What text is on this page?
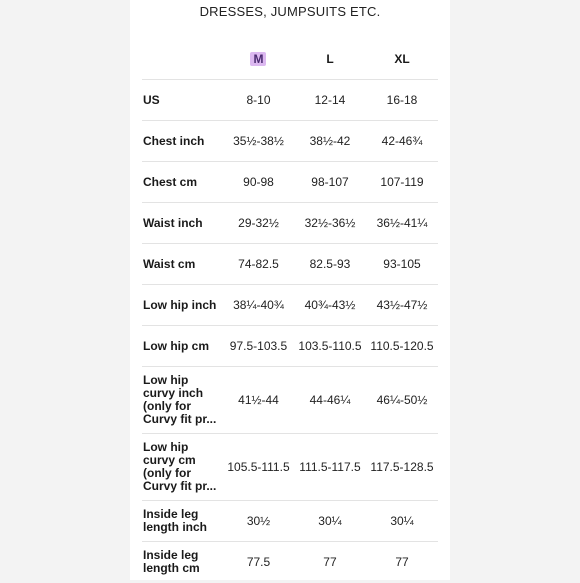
DRESSES, JUMPSUITS ETC.
	M	L	XL
US	8-10	12-14	16-18
Chest inch	35½-38½	38½-42	42-46¾
Chest cm	90-98	98-107	107-119
Waist inch	29-32½	32½-36½	36½-41¼
Waist cm	74-82.5	82.5-93	93-105
Low hip inch	38¼-40¾	40¾-43½	43½-47½
Low hip cm	97.5-103.5	103.5-110.5	110.5-120.5
Low hip curvy inch (only for Curvy fit pr...	41½-44	44-46¼	46¼-50½
Low hip curvy cm (only for Curvy fit pr...	105.5-111.5	111.5-117.5	117.5-128.5
Inside leg length inch	30½	30¼	30¼
Inside leg length cm	77.5	77	77
